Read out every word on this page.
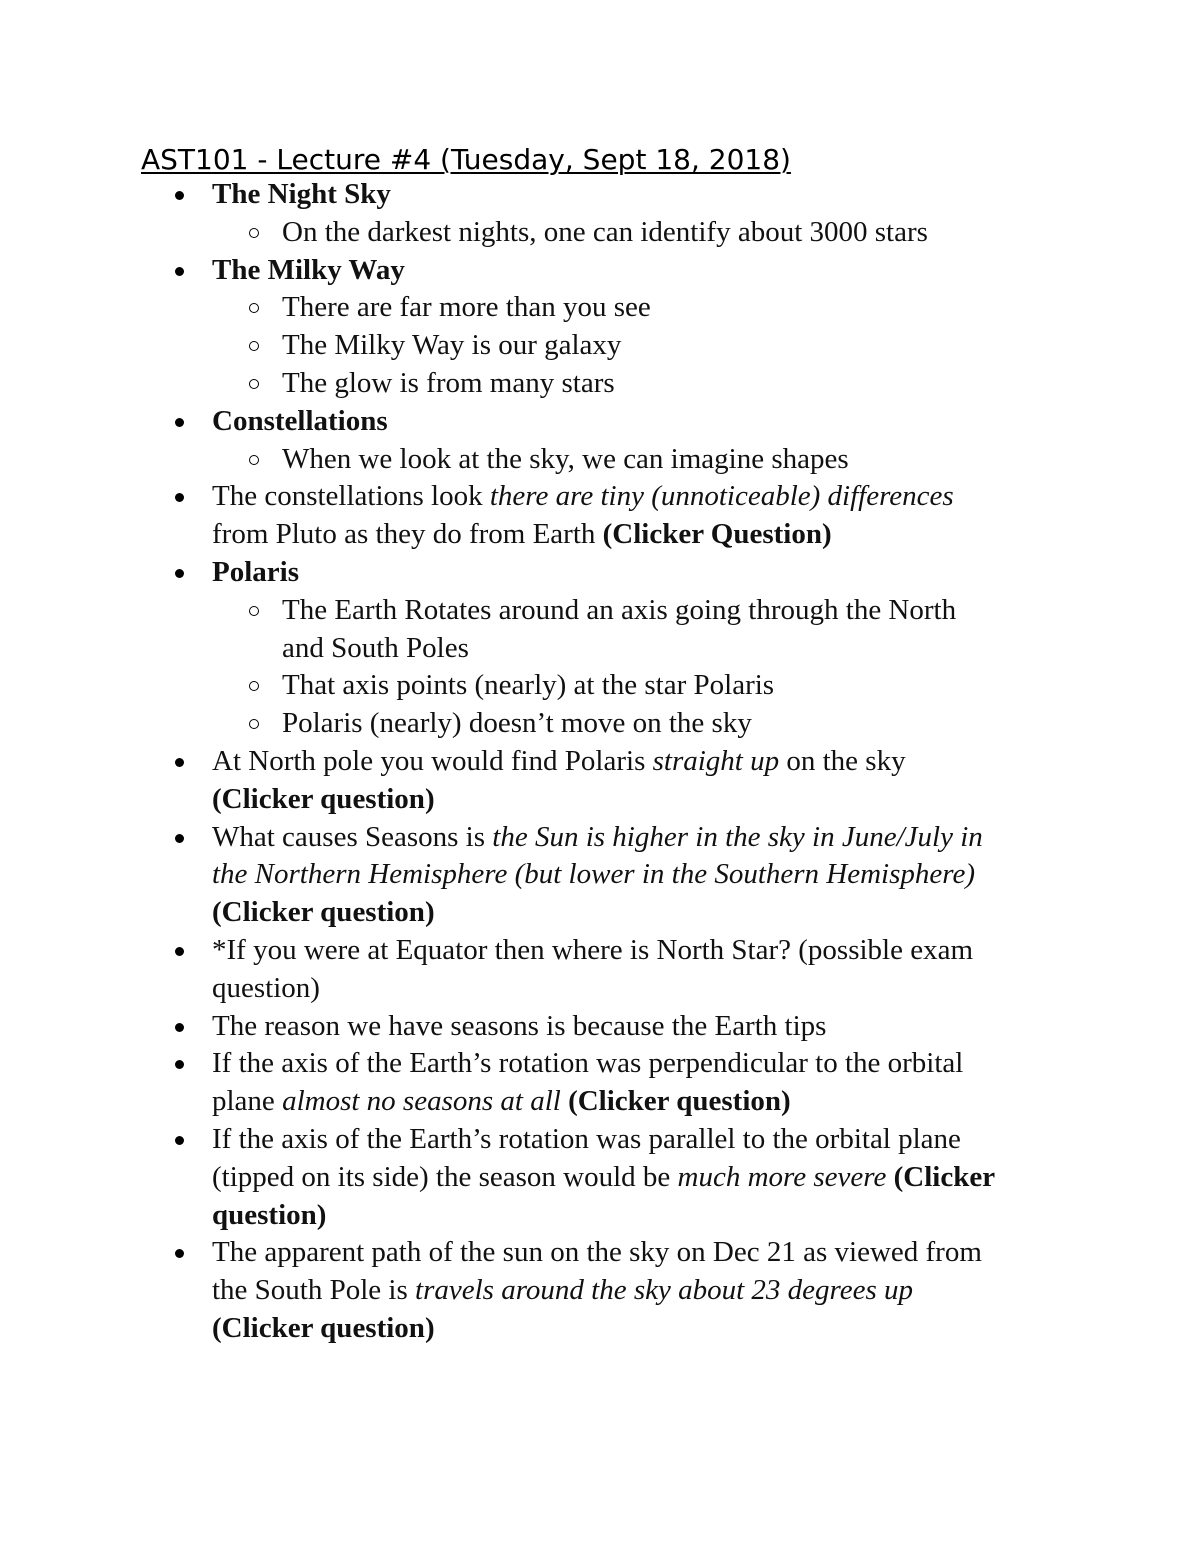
AST101 - Lecture #4 (Tuesday, Sept 18, 2018)
The Night Sky
On the darkest nights, one can identify about 3000 stars
The Milky Way
There are far more than you see
The Milky Way is our galaxy
The glow is from many stars
Constellations
When we look at the sky, we can imagine shapes
The constellations look there are tiny (unnoticeable) differences
from Pluto as they do from Earth (Clicker Question)
Polaris
The Earth Rotates around an axis going through the North
and South Poles
That axis points (nearly) at the star Polaris
Polaris (nearly) doesn’t move on the sky
At North pole you would find Polaris straight up on the sky
(Clicker question)
What causes Seasons is the Sun is higher in the sky in June/July in
the Northern Hemisphere (but lower in the Southern Hemisphere)
(Clicker question)
*If you were at Equator then where is North Star? (possible exam
question)
The reason we have seasons is because the Earth tips
If the axis of the Earth’s rotation was perpendicular to the orbital
plane almost no seasons at all (Clicker question)
If the axis of the Earth’s rotation was parallel to the orbital plane
(tipped on its side) the season would be much more severe (Clicker
question)
The apparent path of the sun on the sky on Dec 21 as viewed from
the South Pole is travels around the sky about 23 degrees up
(Clicker question)
